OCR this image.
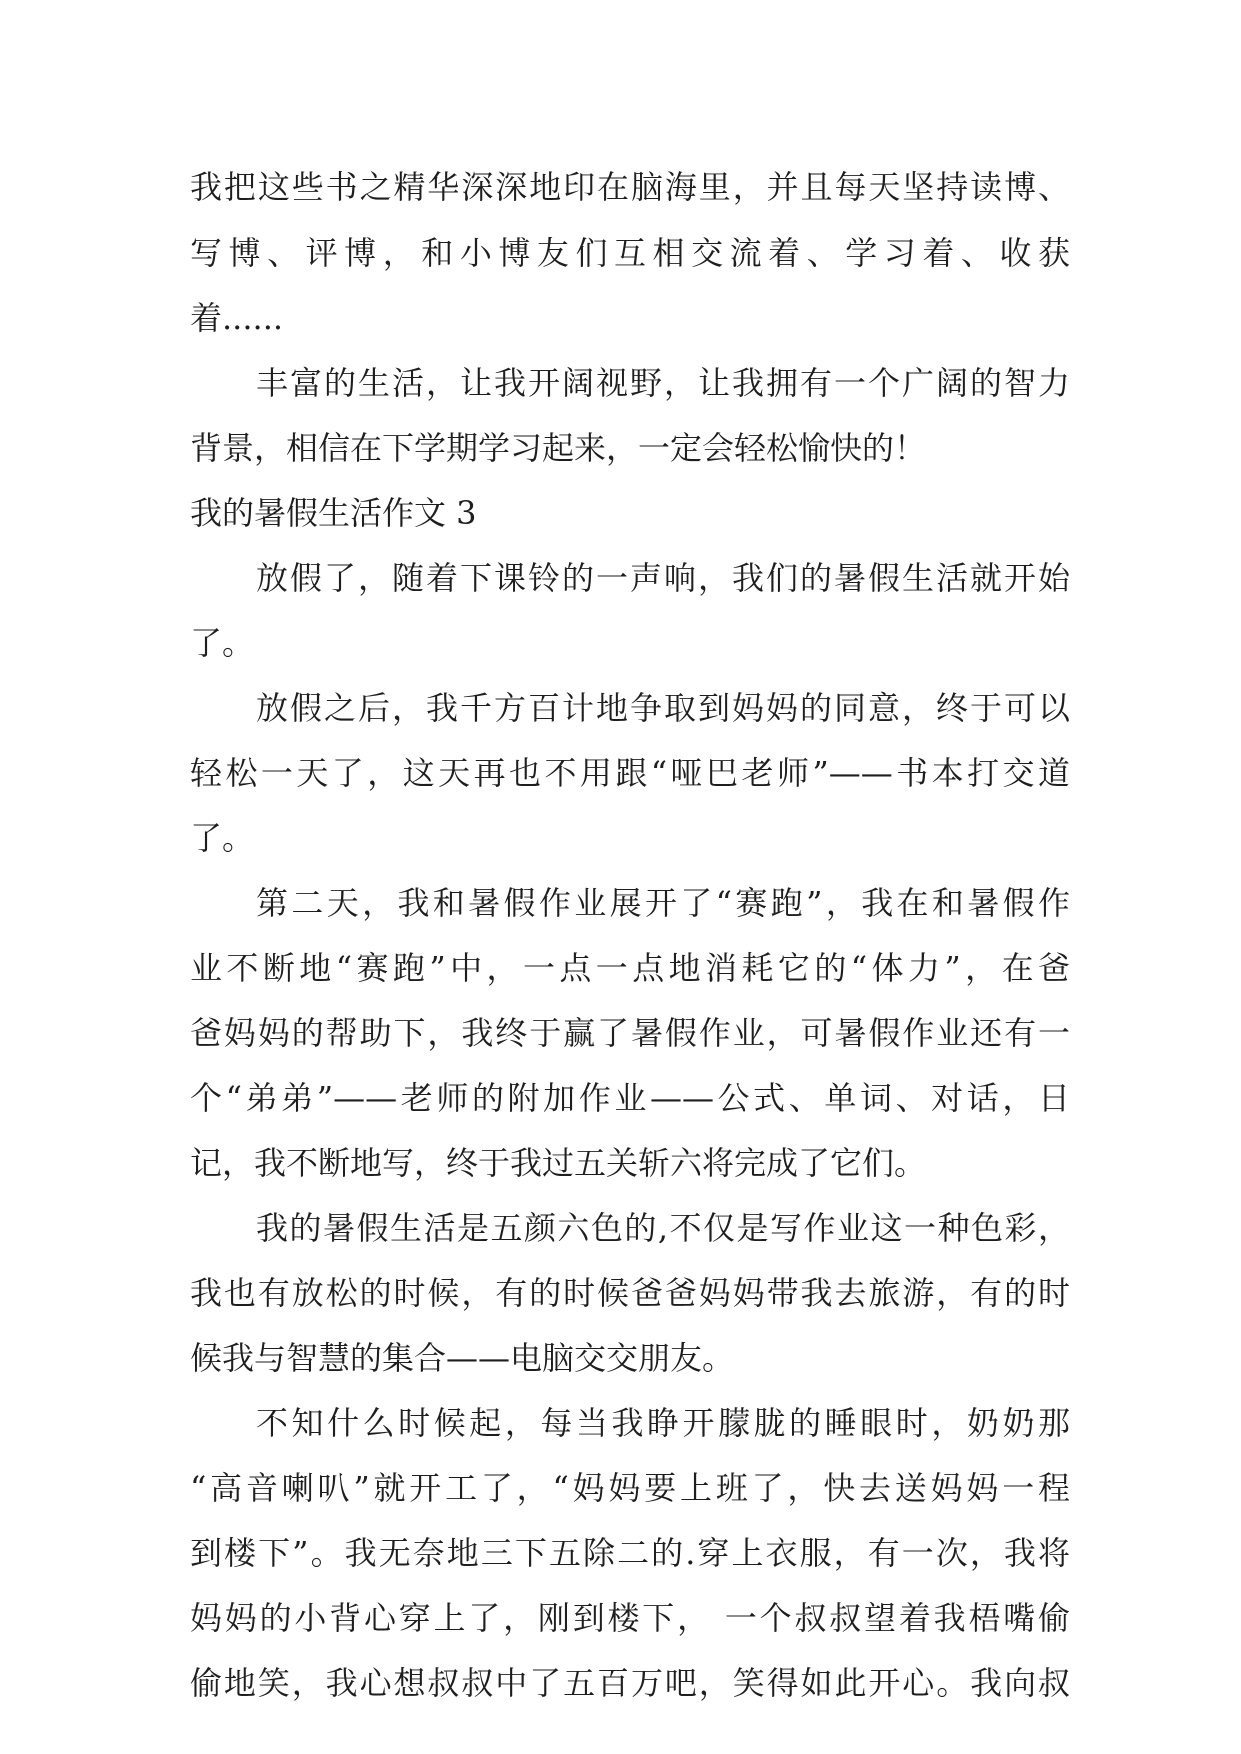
我把这些书之精华深深地印在脑海里，并且每天坚持读博、
写博、评博，和小博友们互相交流着、学习着、收获
着......
丰富的生活，让我开阔视野，让我拥有一个广阔的智力
背景，相信在下学期学习起来，一定会轻松愉快的！
我的暑假生活作文 3
放假了，随着下课铃的一声响，我们的暑假生活就开始
了。
放假之后，我千方百计地争取到妈妈的同意，终于可以
轻松一天了，这天再也不用跟“哑巴老师”——书本打交道
了。
第二天，我和暑假作业展开了“赛跑”，我在和暑假作
业不断地“赛跑”中，一点一点地消耗它的“体力”，在爸
爸妈妈的帮助下，我终于赢了暑假作业，可暑假作业还有一
个“弟弟”——老师的附加作业——公式、单词、对话，日
记，我不断地写，终于我过五关斩六将完成了它们。
我的暑假生活是五颜六色的,不仅是写作业这一种色彩，
我也有放松的时候，有的时候爸爸妈妈带我去旅游，有的时
候我与智慧的集合——电脑交交朋友。
不知什么时候起，每当我睁开朦胧的睡眼时，奶奶那
“高音喇叭”就开工了，“妈妈要上班了，快去送妈妈一程
到楼下”。我无奈地三下五除二的.穿上衣服，有一次，我将
妈妈的小背心穿上了，刚到楼下， 一个叔叔望着我梧嘴偷
偷地笑，我心想叔叔中了五百万吧，笑得如此开心。我向叔
